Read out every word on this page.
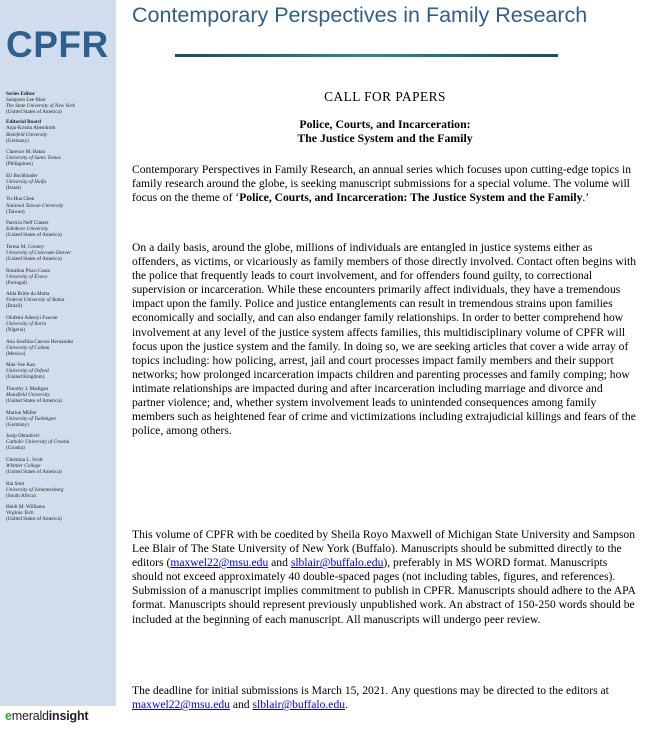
CPFR
Series Editor
Sampson Lee Blair
The State University of New York
(United States of America)
Editorial Board
Anja-Kristin Abendroth
Bielefeld University
(Germany)
Clarence M. Batan
University of Santo Tomas
(Philippines)
Eli Buchbinder
University of Haifa
(Israel)
Yu-Hua Chen
National Taiwan University
(Taiwan)
Patricia Neff Claster
Edinboro University
(United States of America)
Teresa M. Cooney
University of Colorado-Denver
(United States of America)
Rosalina Pisco Costa
University of Évora
(Portugal)
Alda Britto da Motta
Federal University of Bahia
(Brazil)
Olufemi Adeniyi Fawole
University of Ilorin
(Nigeria)
Ana Josefina Cuevas Hernandez
University of Colima
(Mexico)
Man-Yee Kan
University of Oxford
(United Kingdom)
Timothy J. Madigan
Mansfield University
(United States of America)
Marion Müller
University of Tuebingen
(Germany)
Josip Obradović
Catholic University of Croatia
(Croatia)
Christina L. Scott
Whittier College
(United States of America)
Ria Smit
University of Johannesburg
(South Africa)
Heidi M. Williams
Virginia Tech
(United States of America)
emeraldinsight
Contemporary Perspectives in Family Research
CALL FOR PAPERS
Police, Courts, and Incarceration:
The Justice System and the Family

Contemporary Perspectives in Family Research, an annual series which focuses upon cutting-edge topics in family research around the globe, is seeking manuscript submissions for a special volume. The volume will focus on the theme of ‘Police, Courts, and Incarceration: The Justice System and the Family.’

On a daily basis, around the globe, millions of individuals are entangled in justice systems either as offenders, as victims, or vicariously as family members of those directly involved. Contact often begins with the police that frequently leads to court involvement, and for offenders found guilty, to correctional supervision or incarceration. While these encounters primarily affect individuals, they have a tremendous impact upon the family. Police and justice entanglements can result in tremendous strains upon families economically and socially, and can also endanger family relationships. In order to better comprehend how involvement at any level of the justice system affects families, this multidisciplinary volume of CPFR will focus upon the justice system and the family. In doing so, we are seeking articles that cover a wide array of topics including: how policing, arrest, jail and court processes impact family members and their support networks; how prolonged incarceration impacts children and parenting processes and family comping; how intimate relationships are impacted during and after incarceration including marriage and divorce and partner violence; and, whether system involvement leads to unintended consequences among family members such as heightened fear of crime and victimizations including extrajudicial killings and fears of the police, among others.

This volume of CPFR with be coedited by Sheila Royo Maxwell of Michigan State University and Sampson Lee Blair of The State University of New York (Buffalo). Manuscripts should be submitted directly to the editors (maxwel22@msu.edu and slblair@buffalo.edu), preferably in MS WORD format. Manuscripts should not exceed approximately 40 double-spaced pages (not including tables, figures, and references). Submission of a manuscript implies commitment to publish in CPFR. Manuscripts should adhere to the APA format. Manuscripts should represent previously unpublished work. An abstract of 150-250 words should be included at the beginning of each manuscript. All manuscripts will undergo peer review.

The deadline for initial submissions is March 15, 2021. Any questions may be directed to the editors at maxwel22@msu.edu and slblair@buffalo.edu.
